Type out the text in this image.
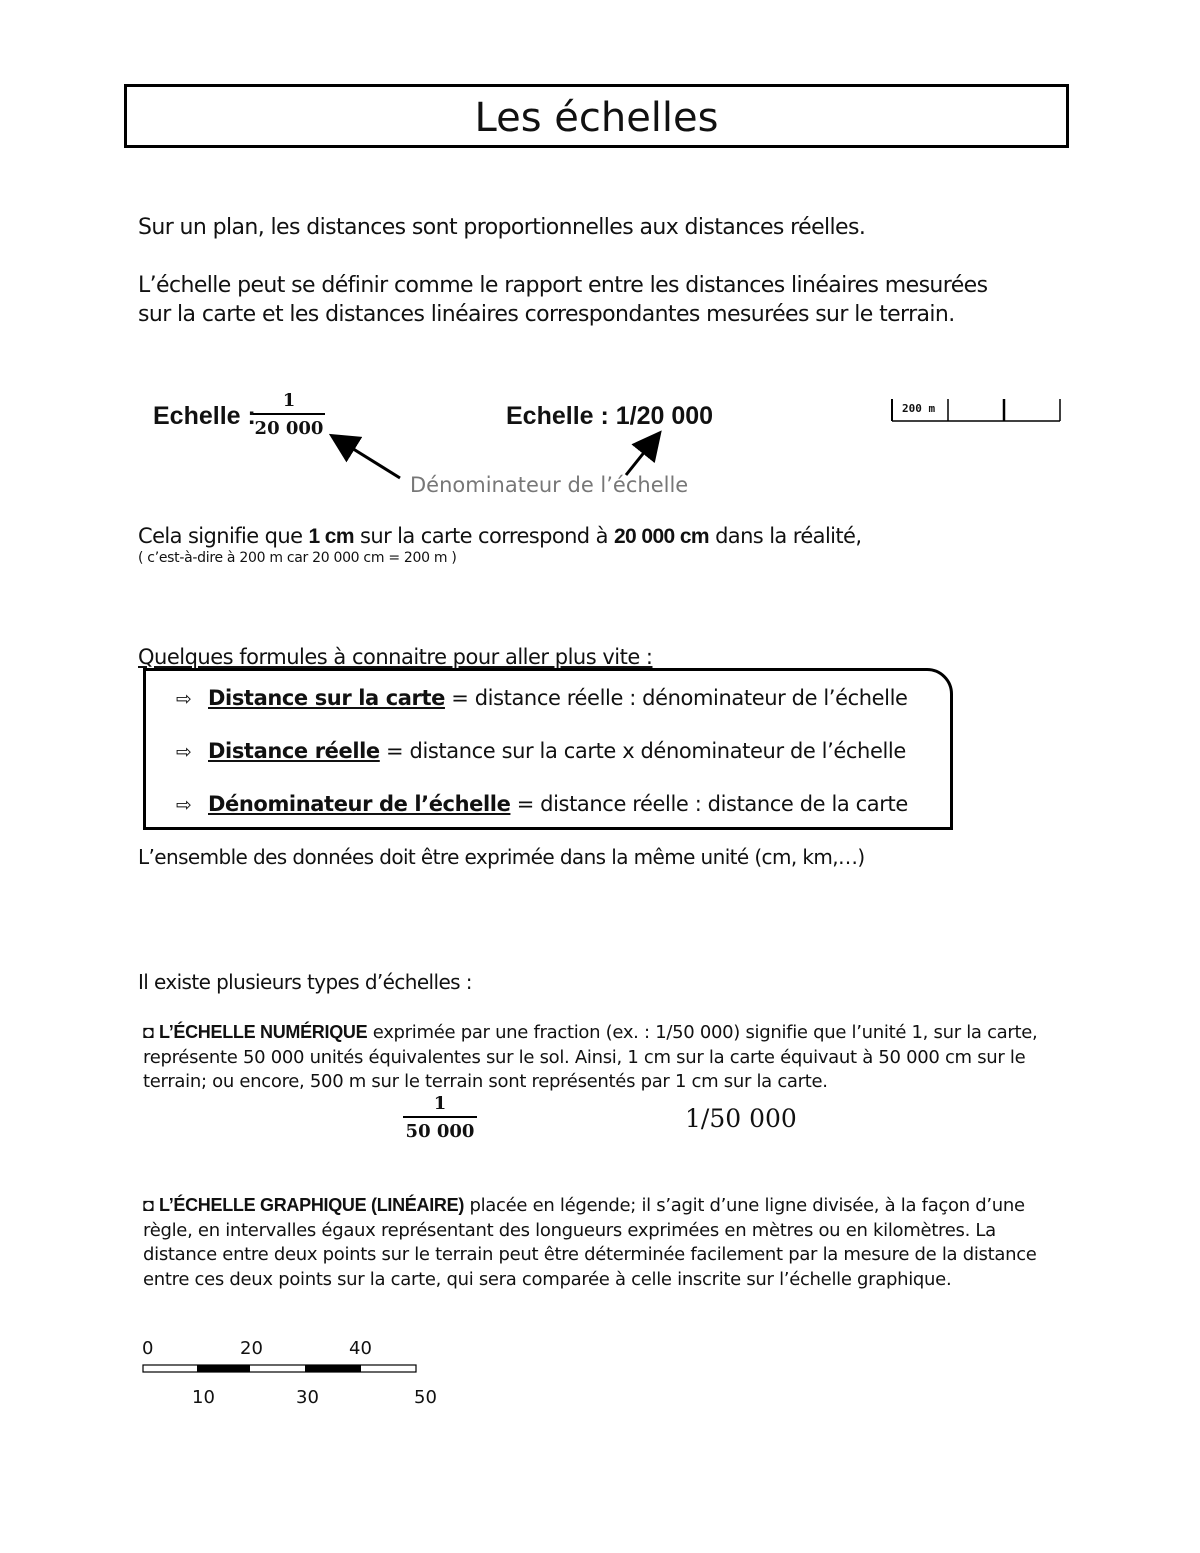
Les échelles
Sur un plan, les distances sont proportionnelles aux distances réelles.
L’échelle peut se définir comme le rapport entre les distances linéaires mesurées
sur la carte et les distances linéaires correspondantes mesurées sur le terrain.
Echelle :
1
20 000	Echelle : 1/20 000	200 m
Dénominateur de l’échelle
Cela signifie que 1 cm sur la carte correspond à 20 000 cm dans la réalité,
( c’est-à-dire à 200 m car 20 000 cm = 200 m )
Quelques formules à connaitre pour aller plus vite :
⇨ Distance sur la carte = distance réelle : dénominateur de l’échelle
⇨ Distance réelle = distance sur la carte x dénominateur de l’échelle
⇨ Dénominateur de l’échelle = distance réelle : distance de la carte
L’ensemble des données doit être exprimée dans la même unité (cm, km,…)
Il existe plusieurs types d’échelles :
◘ L’ÉCHELLE NUMÉRIQUE exprimée par une fraction (ex. : 1/50 000) signifie que l’unité 1, sur la carte, représente 50 000 unités équivalentes sur le sol. Ainsi, 1 cm sur la carte équivaut à 50 000 cm sur le terrain; ou encore, 500 m sur le terrain sont représentés par 1 cm sur la carte.
1
50 000	1/50 000
◘ L’ÉCHELLE GRAPHIQUE (LINÉAIRE) placée en légende; il s’agit d’une ligne divisée, à la façon d’une règle, en intervalles égaux représentant des longueurs exprimées en mètres ou en kilomètres. La distance entre deux points sur le terrain peut être déterminée facilement par la mesure de la distance entre ces deux points sur la carte, qui sera comparée à celle inscrite sur l’échelle graphique.
0	20	40
10	30	50
